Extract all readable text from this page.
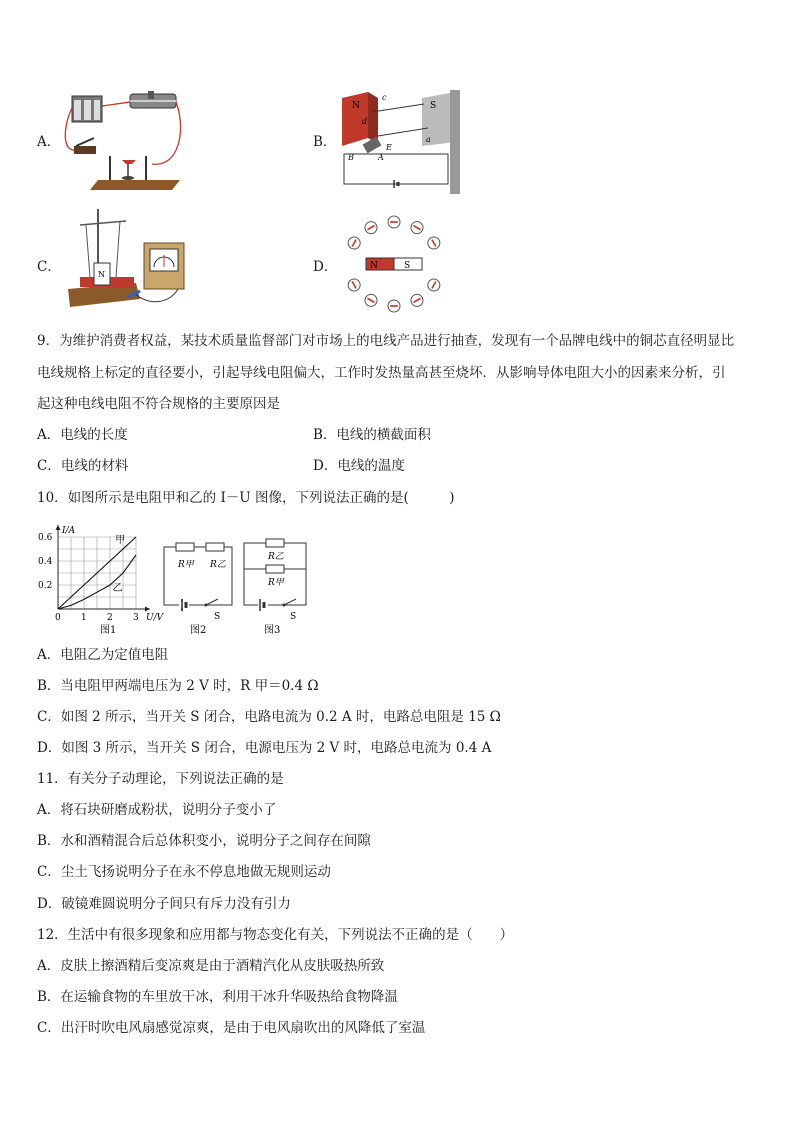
A．	B．
N	S
c
d
a
E
B	A
C．	N	D．	N	S
9．为维护消费者权益，某技术质量监督部门对市场上的电线产品进行抽查，发现有一个品牌电线中的铜芯直径明显比
电线规格上标定的直径要小，引起导线电阻偏大，工作时发热量高甚至烧坏．从影响导体电阻大小的因素来分析，引
起这种电线电阻不符合规格的主要原因是
A．电线的长度	B．电线的横截面积
C．电线的材料	D．电线的温度
10．如图所示是电阻甲和乙的 I－U 图像，下列说法正确的是(　　　)
U/V
I/A
0 1 2 3
0.2
0.4
0.6	甲
乙
R甲 R乙
S
R乙
R甲
S
图1	图2	图3
A．电阻乙为定值电阻
B．当电阻甲两端电压为 2 V 时，R 甲＝0.4 Ω
C．如图 2 所示，当开关 S 闭合，电路电流为 0.2 A 时，电路总电阻是 15 Ω
D．如图 3 所示，当开关 S 闭合，电源电压为 2 V 时，电路总电流为 0.4 A
11．有关分子动理论，下列说法正确的是
A．将石块研磨成粉状，说明分子变小了
B．水和酒精混合后总体积变小，说明分子之间存在间隙
C．尘土飞扬说明分子在永不停息地做无规则运动
D．破镜难圆说明分子间只有斥力没有引力
12．生活中有很多现象和应用都与物态变化有关，下列说法不正确的是（　　）
A．皮肤上擦酒精后变凉爽是由于酒精汽化从皮肤吸热所致
B．在运输食物的车里放干冰，利用干冰升华吸热给食物降温
C．出汗时吹电风扇感觉凉爽，是由于电风扇吹出的风降低了室温
